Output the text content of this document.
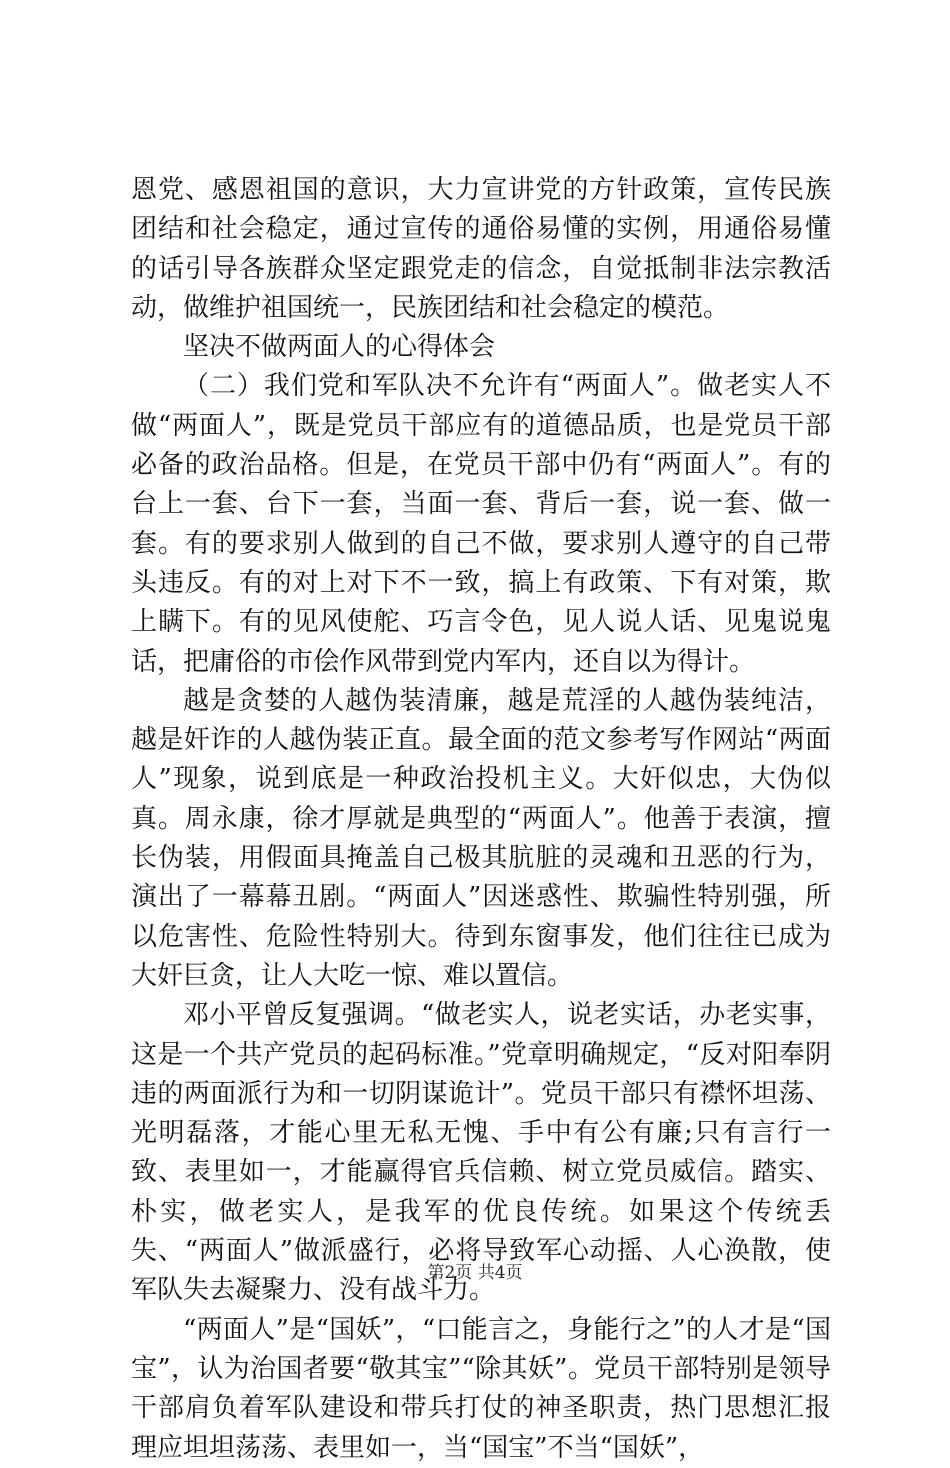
恩党、感恩祖国的意识，大力宣讲党的方针政策，宣传民族团结和社会稳定，通过宣传的通俗易懂的实例，用通俗易懂的话引导各族群众坚定跟党走的信念，自觉抵制非法宗教活动，做维护祖国统一，民族团结和社会稳定的模范。

坚决不做两面人的心得体会

（二）我们党和军队决不允许有“两面人”。做老实人不做“两面人”，既是党员干部应有的道德品质，也是党员干部必备的政治品格。但是，在党员干部中仍有“两面人”。有的台上一套、台下一套，当面一套、背后一套，说一套、做一套。有的要求别人做到的自己不做，要求别人遵守的自己带头违反。有的对上对下不一致，搞上有政策、下有对策，欺上瞒下。有的见风使舵、巧言令色，见人说人话、见鬼说鬼话，把庸俗的市侩作风带到党内军内，还自以为得计。

越是贪婪的人越伪装清廉，越是荒淫的人越伪装纯洁，越是奸诈的人越伪装正直。最全面的范文参考写作网站“两面人”现象，说到底是一种政治投机主义。大奸似忠，大伪似真。周永康，徐才厚就是典型的“两面人”。他善于表演，擅长伪装，用假面具掩盖自己极其肮脏的灵魂和丑恶的行为，演出了一幕幕丑剧。“两面人”因迷惑性、欺骗性特别强，所以危害性、危险性特别大。待到东窗事发，他们往往已成为大奸巨贪，让人大吃一惊、难以置信。

邓小平曾反复强调。“做老实人，说老实话，办老实事，这是一个共产党员的起码标准。”党章明确规定，“反对阳奉阴违的两面派行为和一切阴谋诡计”。党员干部只有襟怀坦荡、光明磊落，才能心里无私无愧、手中有公有廉;只有言行一致、表里如一，才能赢得官兵信赖、树立党员威信。踏实、朴实，做老实人，是我军的优良传统。如果这个传统丢失、“两面人”做派盛行，必将导致军心动摇、人心涣散，使军队失去凝聚力、没有战斗力。

“两面人”是“国妖”，“口能言之，身能行之”的人才是“国宝”，认为治国者要“敬其宝”“除其妖”。党员干部特别是领导干部肩负着军队建设和带兵打仗的神圣职责，热门思想汇报理应坦坦荡荡、表里如一，当“国宝”不当“国妖”，

第2页 共4页
